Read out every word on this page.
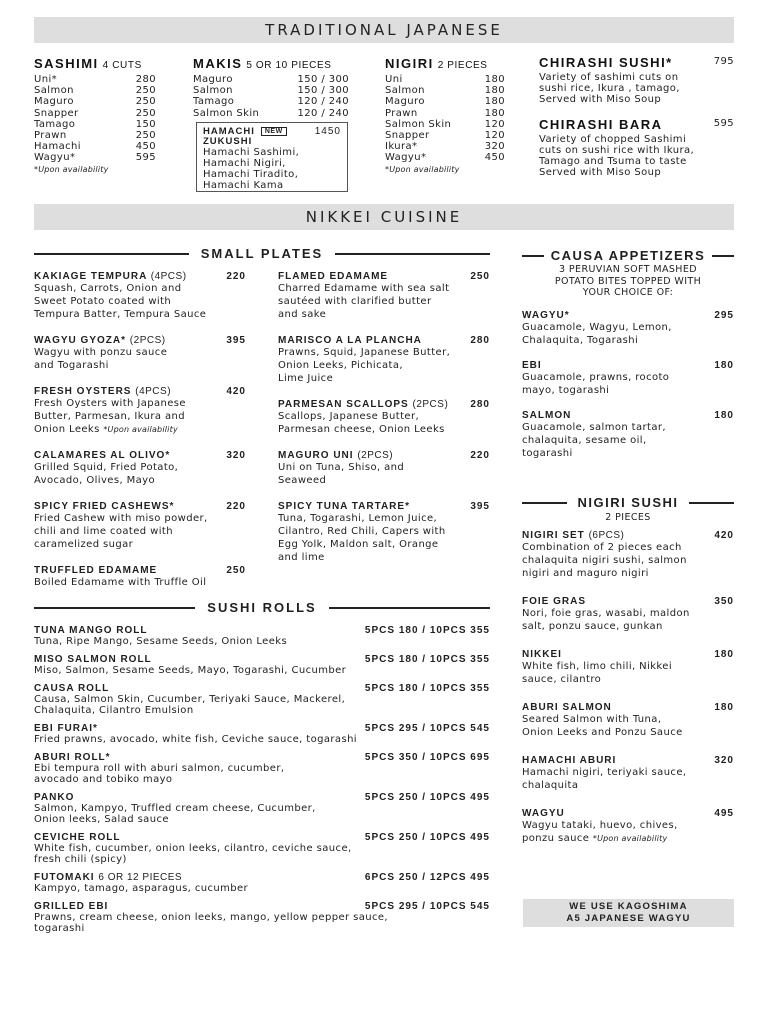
TRADITIONAL JAPANESE
SASHIMI 4 CUTS
Uni*	280
Salmon	250
Maguro	250
Snapper	250
Tamago	150
Prawn	250
Hamachi	450
Wagyu*	595
*Upon availability
MAKIS 5 OR 10 PIECES
Maguro	150 / 300
Salmon	150 / 300
Tamago	120 / 240
Salmon Skin	120 / 240
HAMACHI NEW	1450
ZUKUSHI
Hamachi Sashimi,
Hamachi Nigiri,
Hamachi Tiradito,
Hamachi Kama
NIGIRI 2 PIECES
Uni	180
Salmon	180
Maguro	180
Prawn	180
Salmon Skin	120
Snapper	120
Ikura*	320
Wagyu*	450
*Upon availability
CHIRASHI SUSHI*	795
Variety of sashimi cuts on
sushi rice, Ikura , tamago,
Served with Miso Soup
CHIRASHI BARA	595
Variety of chopped Sashimi
cuts on sushi rice with Ikura,
Tamago and Tsuma to taste
Served with Miso Soup
NIKKEI CUISINE
SMALL PLATES
KAKIAGE TEMPURA (4PCS)	220
Squash, Carrots, Onion and
Sweet Potato coated with
Tempura Batter, Tempura Sauce
WAGYU GYOZA* (2PCS)	395
Wagyu with ponzu sauce
and Togarashi
FRESH OYSTERS (4PCS)	420
Fresh Oysters with Japanese
Butter, Parmesan, Ikura and
Onion Leeks *Upon availability
CALAMARES AL OLIVO*	320
Grilled Squid, Fried Potato,
Avocado, Olives, Mayo
SPICY FRIED CASHEWS*	220
Fried Cashew with miso powder,
chili and lime coated with
caramelized sugar
TRUFFLED EDAMAME	250
Boiled Edamame with Truffle Oil
FLAMED EDAMAME	250
Charred Edamame with sea salt
sautéed with clarified butter
and sake
MARISCO A LA PLANCHA	280
Prawns, Squid, Japanese Butter,
Onion Leeks, Pichicata,
Lime Juice
PARMESAN SCALLOPS (2PCS) 280
Scallops, Japanese Butter,
Parmesan cheese, Onion Leeks
MAGURO UNI (2PCS)	220
Uni on Tuna, Shiso, and
Seaweed
SPICY TUNA TARTARE*	395
Tuna, Togarashi, Lemon Juice,
Cilantro, Red Chili, Capers with
Egg Yolk, Maldon salt, Orange
and lime
SUSHI ROLLS
TUNA MANGO ROLL	5PCS 180 / 10PCS 355
Tuna, Ripe Mango, Sesame Seeds, Onion Leeks
MISO SALMON ROLL	5PCS 180 / 10PCS 355
Miso, Salmon, Sesame Seeds, Mayo, Togarashi, Cucumber
CAUSA ROLL	5PCS 180 / 10PCS 355
Causa, Salmon Skin, Cucumber, Teriyaki Sauce, Mackerel,
Chalaquita, Cilantro Emulsion
EBI FURAI*	5PCS 295 / 10PCS 545
Fried prawns, avocado, white fish, Ceviche sauce, togarashi
ABURI ROLL*	5PCS 350 / 10PCS 695
Ebi tempura roll with aburi salmon, cucumber,
avocado and tobiko mayo
PANKO	5PCS 250 / 10PCS 495
Salmon, Kampyo, Truffled cream cheese, Cucumber,
Onion leeks, Salad sauce
CEVICHE ROLL	5PCS 250 / 10PCS 495
White fish, cucumber, onion leeks, cilantro, ceviche sauce,
fresh chili (spicy)
FUTOMAKI 6 OR 12 PIECES	6PCS 250 / 12PCS 495
Kampyo, tamago, asparagus, cucumber
GRILLED EBI	5PCS 295 / 10PCS 545
Prawns, cream cheese, onion leeks, mango, yellow pepper sauce,
togarashi
CAUSA APPETIZERS
3 PERUVIAN SOFT MASHED
POTATO BITES TOPPED WITH
YOUR CHOICE OF:
WAGYU*	295
Guacamole, Wagyu, Lemon,
Chalaquita, Togarashi
EBI	180
Guacamole, prawns, rocoto
mayo, togarashi
SALMON	180
Guacamole, salmon tartar,
chalaquita, sesame oil,
togarashi
NIGIRI SUSHI
2 PIECES
NIGIRI SET (6PCS)	420
Combination of 2 pieces each
chalaquita nigiri sushi, salmon
nigiri and maguro nigiri
FOIE GRAS	350
Nori, foie gras, wasabi, maldon
salt, ponzu sauce, gunkan
NIKKEI	180
White fish, limo chili, Nikkei
sauce, cilantro
ABURI SALMON	180
Seared Salmon with Tuna,
Onion Leeks and Ponzu Sauce
HAMACHI ABURI	320
Hamachi nigiri, teriyaki sauce,
chalaquita
WAGYU	495
Wagyu tataki, huevo, chives,
ponzu sauce *Upon availability
WE USE KAGOSHIMA
A5 JAPANESE WAGYU
